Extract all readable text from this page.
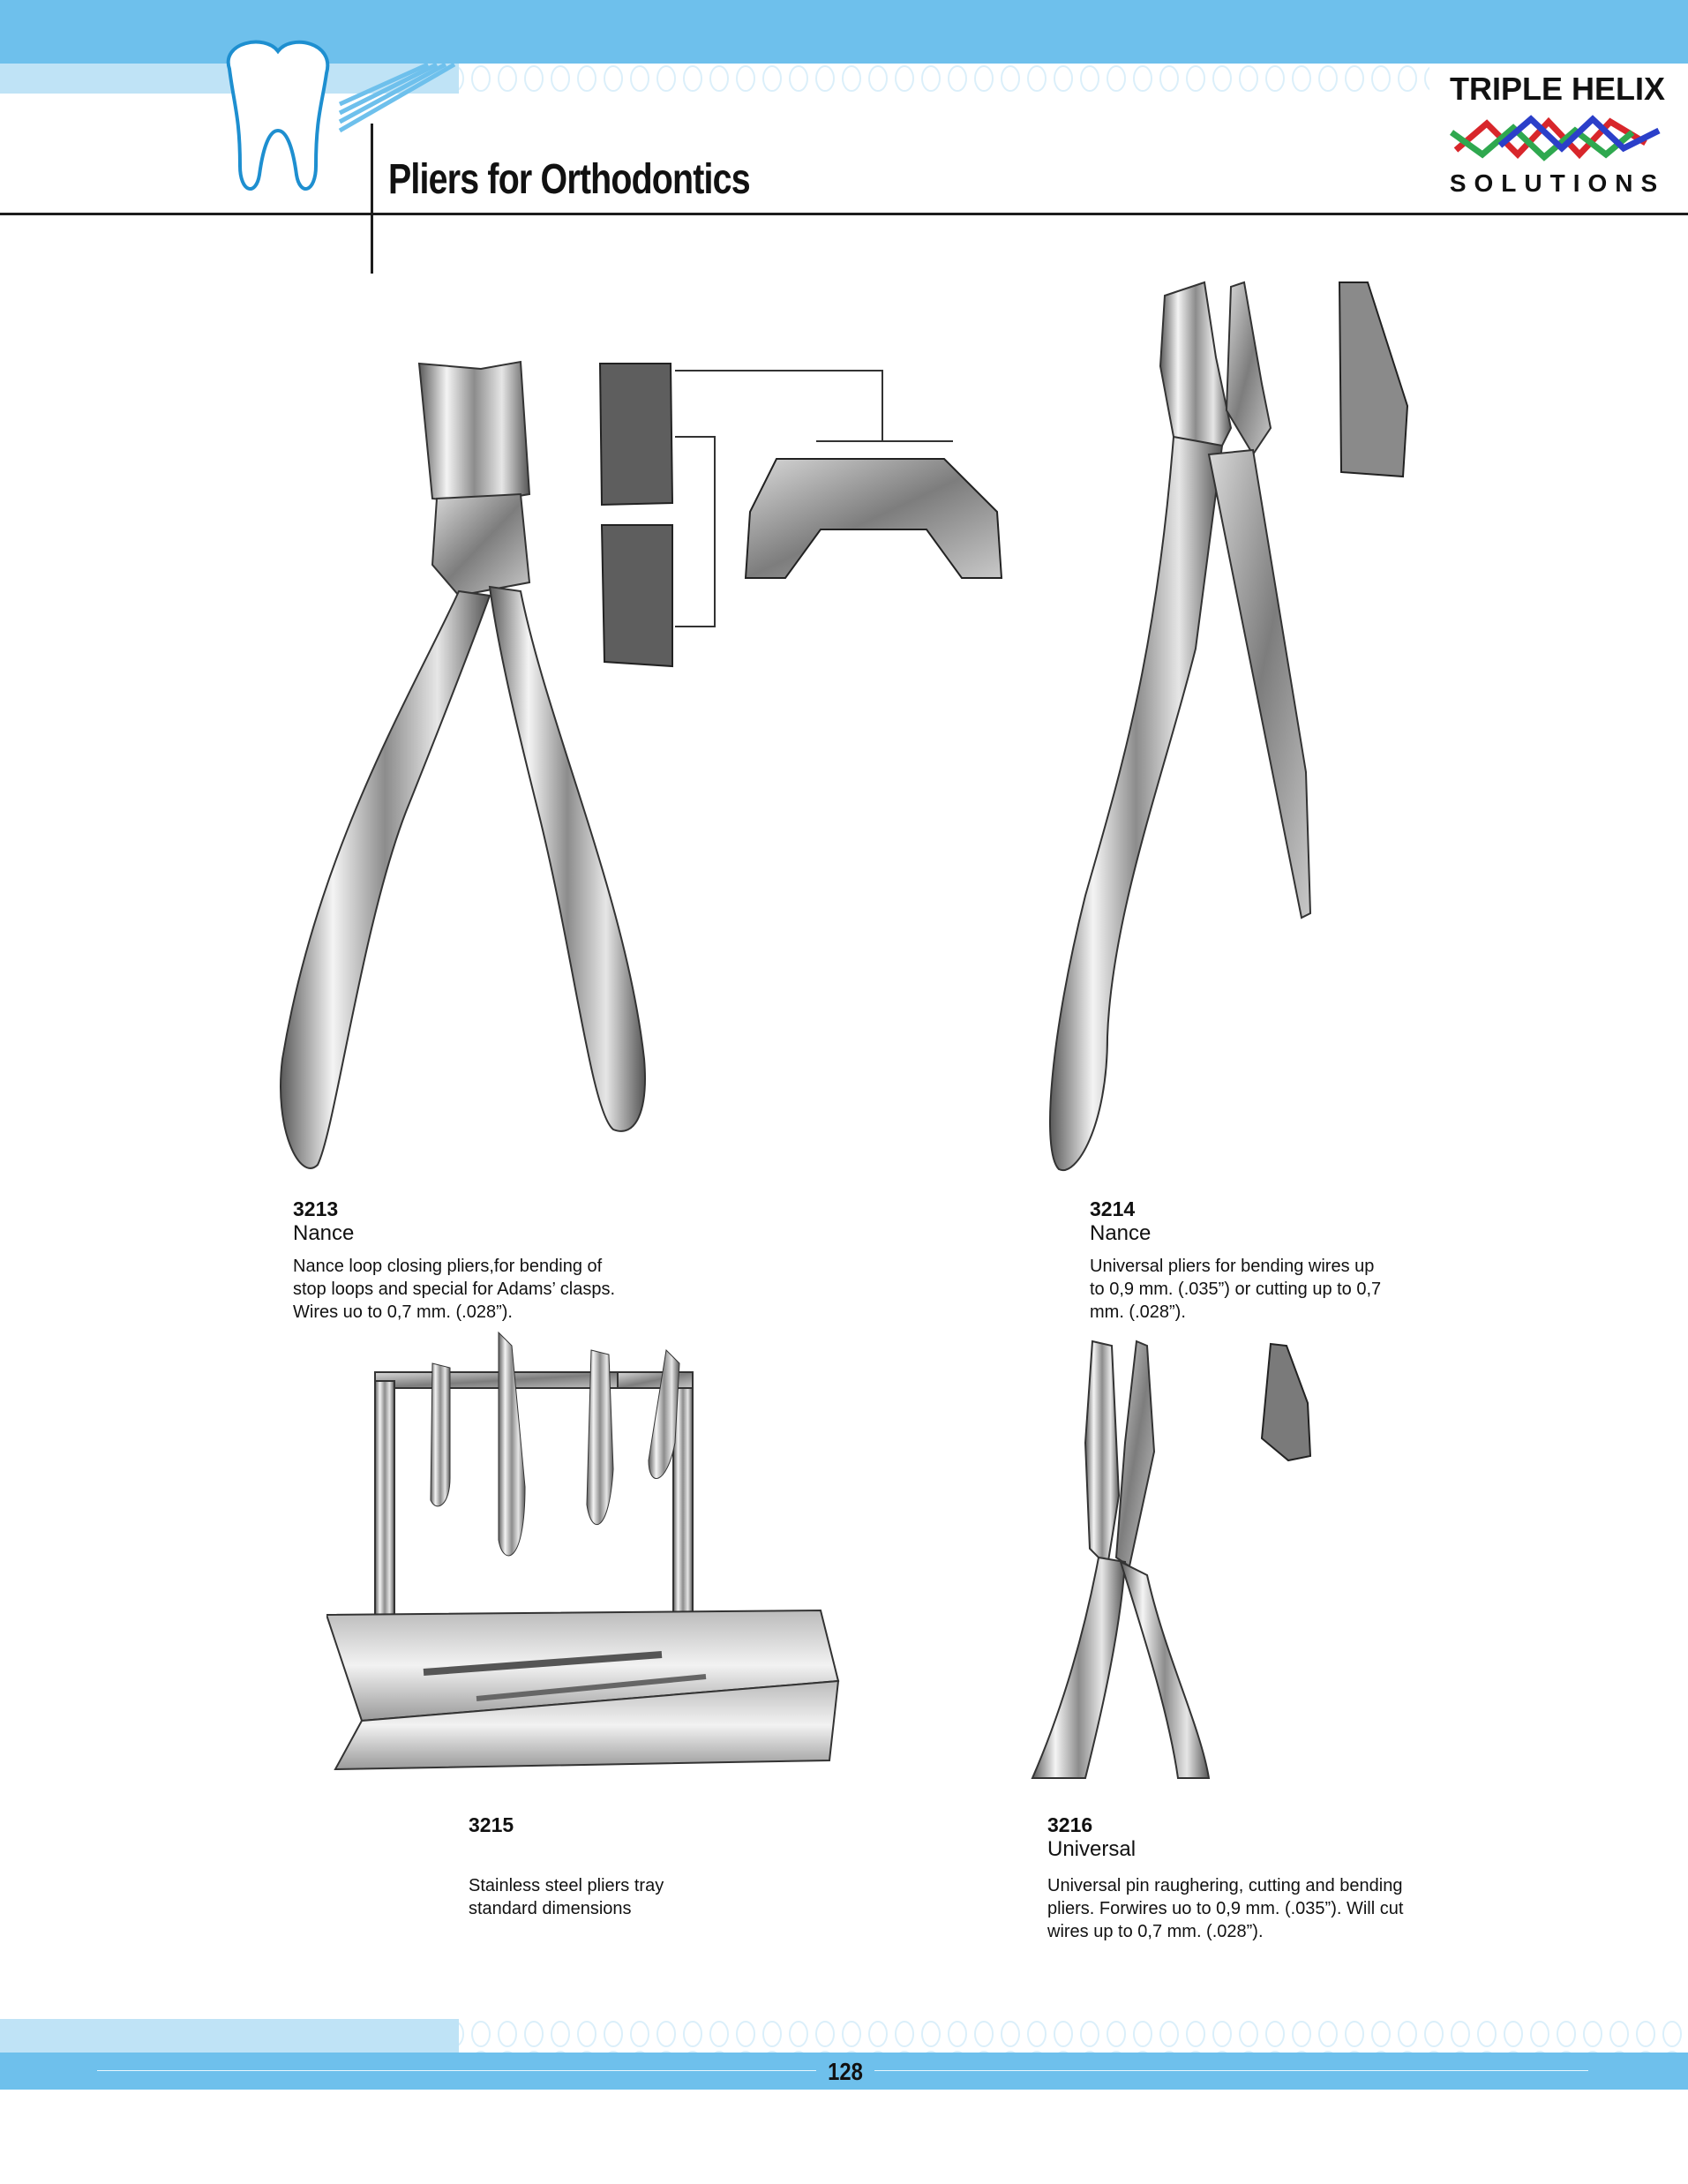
Pliers for Orthodontics
TRIPLE HELIX
SOLUTIONS
3213
Nance
Nance loop closing pliers,for bending of
stop loops and special for Adams’ clasps.
Wires uo to 0,7 mm. (.028”).
3214
Nance
Universal pliers for bending wires up
to 0,9 mm. (.035”) or cutting up to 0,7
mm. (.028”).
3215
Stainless steel pliers tray
standard dimensions
3216
Universal
Universal pin raughering, cutting and bending
pliers. Forwires uo to 0,9 mm. (.035”). Will cut
wires up to 0,7 mm. (.028”).
128
